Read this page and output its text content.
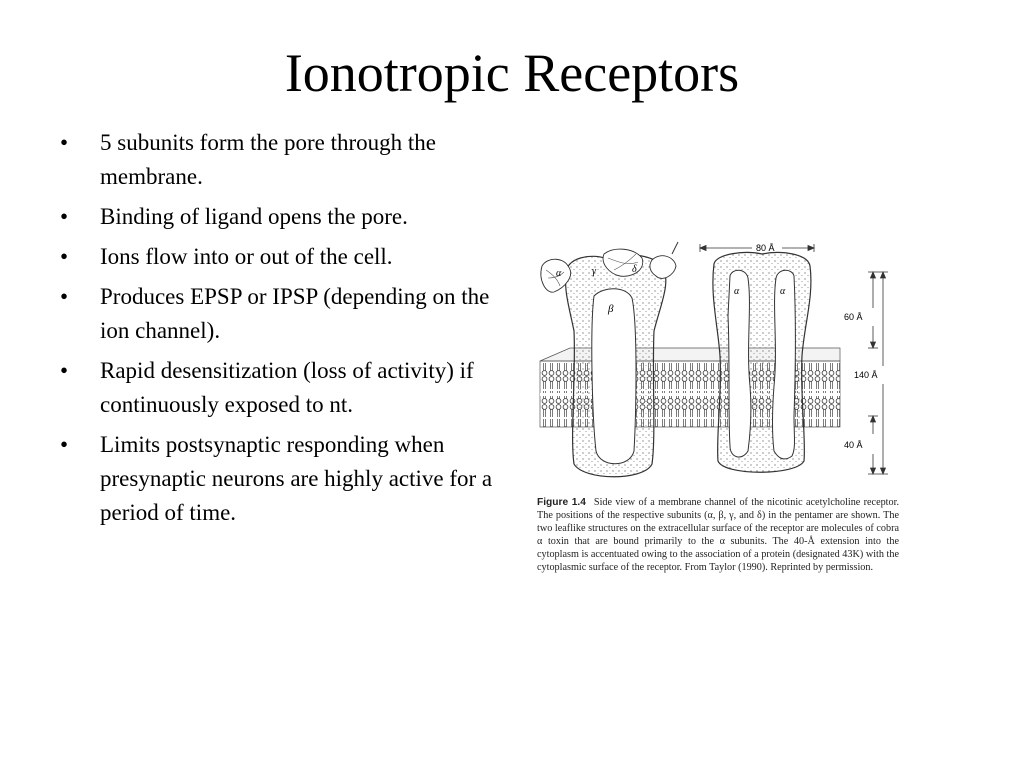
Ionotropic Receptors
• 5 subunits form the pore through the membrane.
• Binding of ligand opens the pore.
• Ions flow into or out of the cell.
• Produces EPSP or IPSP (depending on the ion channel).
• Rapid desensitization (loss of activity) if continuously exposed to nt.
• Limits postsynaptic responding when presynaptic neurons are highly active for a period of time.
α	γ	δ
β
α	α
80 Å
60 Å
140 Å
40 Å
Figure 1.4 Side view of a membrane channel of the nicotinic acetylcholine receptor. The positions of the respective subunits (α, β, γ, and δ) in the pentamer are shown. The two leaflike structures on the extracellular surface of the receptor are molecules of cobra α toxin that are bound primarily to the α subunits. The 40-Å extension into the cytoplasm is accentuated owing to the association of a protein (designated 43K) with the cytoplasmic surface of the receptor. From Taylor (1990). Reprinted by permission.
